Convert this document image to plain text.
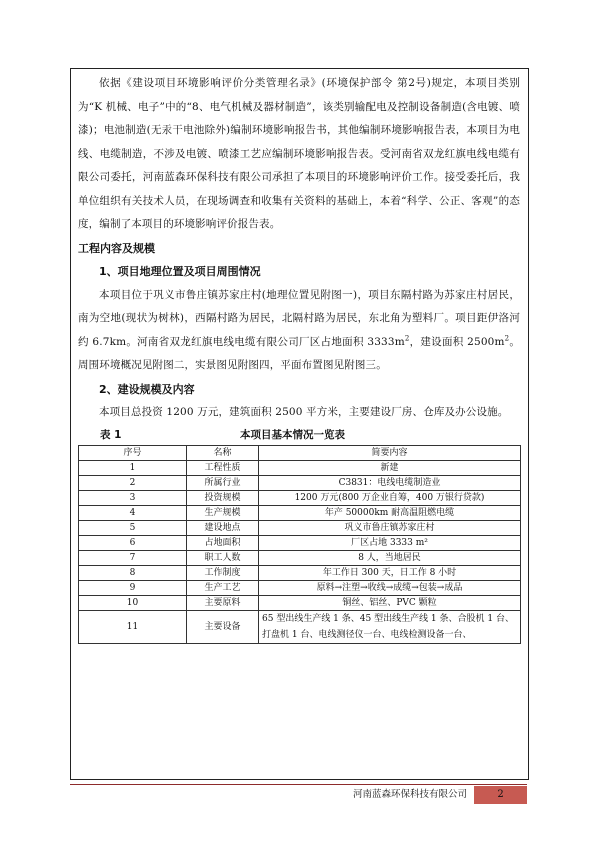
依据《建设项目环境影响评价分类管理名录》(环境保护部令 第2号)规定，本项目类别为“K 机械、电子”中的“8、电气机械及器材制造”，该类别输配电及控制设备制造(含电镀、喷漆)；电池制造(无汞干电池除外)编制环境影响报告书，其他编制环境影响报告表，本项目为电线、电缆制造，不涉及电镀、喷漆工艺应编制环境影响报告表。受河南省双龙红旗电线电缆有限公司委托，河南蓝森环保科技有限公司承担了本项目的环境影响评价工作。接受委托后，我单位组织有关技术人员，在现场调查和收集有关资料的基础上，本着“科学、公正、客观”的态度，编制了本项目的环境影响评价报告表。

工程内容及规模

1、项目地理位置及项目周围情况

本项目位于巩义市鲁庄镇苏家庄村(地理位置见附图一)，项目东隔村路为苏家庄村居民，南为空地(现状为树林)，西隔村路为居民，北隔村路为居民，东北角为塑料厂。项目距伊洛河约 6.7km。河南省双龙红旗电线电缆有限公司厂区占地面积 $3333m^2$，建设面积 $2500m^2$。周围环境概况见附图二，实景图见附图四，平面布置图见附图三。

2、建设规模及内容

本项目总投资 1200 万元，建筑面积 2500 平方米，主要建设厂房、仓库及办公设施。

表 1	本项目基本情况一览表
序号	名称	简要内容
1	工程性质	新建
2	所属行业	C3831：电线电缆制造业
3	投资规模	1200 万元(800 万企业自筹，400 万银行贷款)
4	生产规模	年产 50000km 耐高温阻燃电缆
5	建设地点	巩义市鲁庄镇苏家庄村
6	占地面积	厂区占地 3333 m²
7	职工人数	8 人，当地居民
8	工作制度	年工作日 300 天，日工作 8 小时
9	生产工艺	原料→注塑→收线→成缆→包装→成品
10	主要原料	铜丝、铝丝、PVC 颗粒
11	主要设备	65 型出线生产线 1 条、45 型出线生产线 1 条、合股机 1 台、打盘机 1 台、电线测径仪一台、电线检测设备一台、
河南蓝森环保科技有限公司	2
